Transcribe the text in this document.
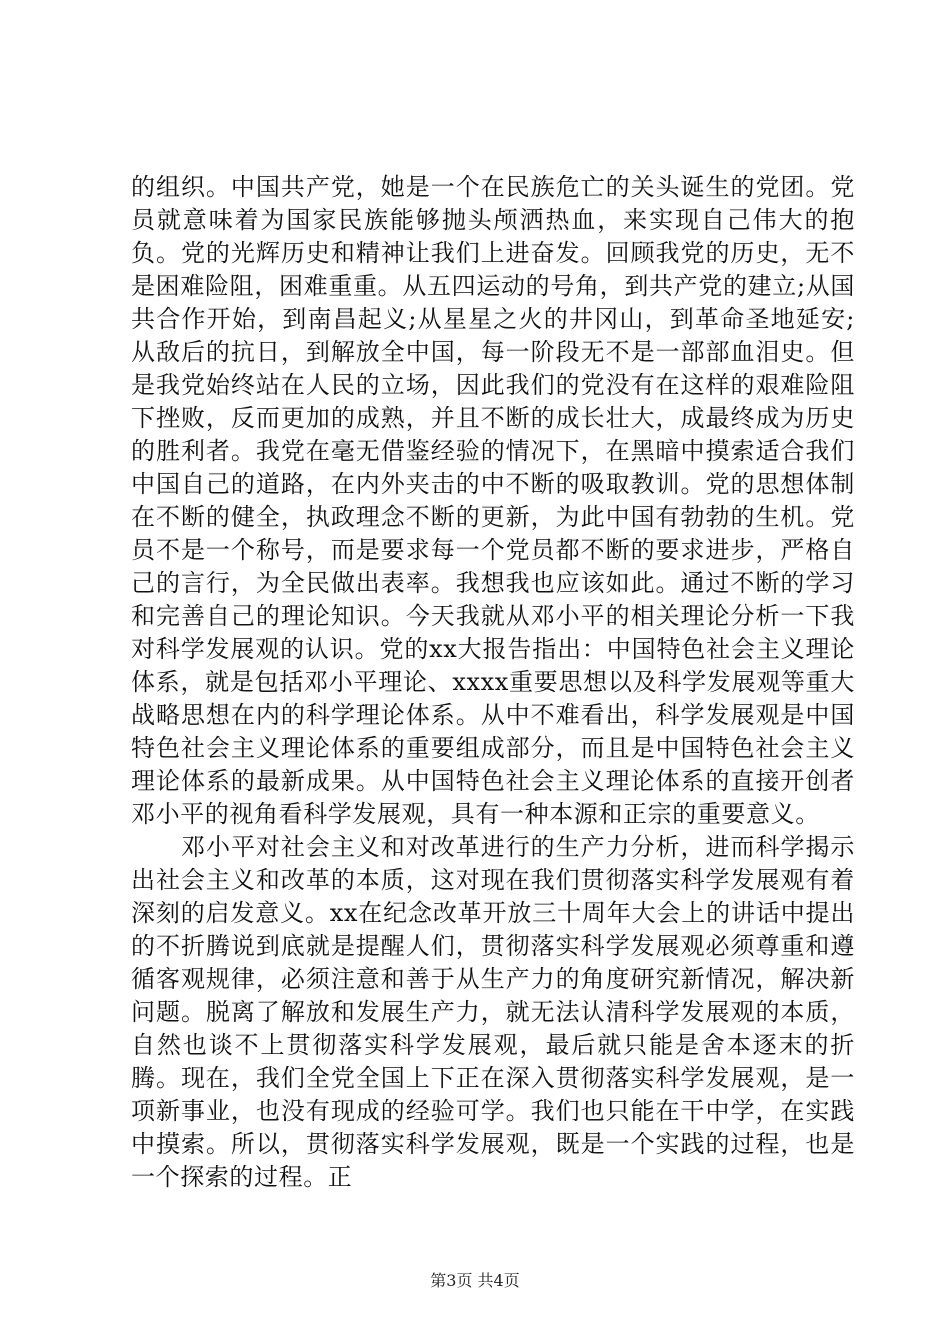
的组织。中国共产党，她是一个在民族危亡的关头诞生的党团。党员就意味着为国家民族能够抛头颅洒热血，来实现自己伟大的抱负。党的光辉历史和精神让我们上进奋发。回顾我党的历史，无不是困难险阻，困难重重。从五四运动的号角，到共产党的建立;从国共合作开始，到南昌起义;从星星之火的井冈山，到革命圣地延安;从敌后的抗日，到解放全中国，每一阶段无不是一部部血泪史。但是我党始终站在人民的立场，因此我们的党没有在这样的艰难险阻下挫败，反而更加的成熟，并且不断的成长壮大，成最终成为历史的胜利者。我党在毫无借鉴经验的情况下，在黑暗中摸索适合我们中国自己的道路，在内外夹击的中不断的吸取教训。党的思想体制在不断的健全，执政理念不断的更新，为此中国有勃勃的生机。党员不是一个称号，而是要求每一个党员都不断的要求进步，严格自己的言行，为全民做出表率。我想我也应该如此。通过不断的学习和完善自己的理论知识。今天我就从邓小平的相关理论分析一下我对科学发展观的认识。党的xx大报告指出：中国特色社会主义理论体系，就是包括邓小平理论、xxxx重要思想以及科学发展观等重大战略思想在内的科学理论体系。从中不难看出，科学发展观是中国特色社会主义理论体系的重要组成部分，而且是中国特色社会主义理论体系的最新成果。从中国特色社会主义理论体系的直接开创者邓小平的视角看科学发展观，具有一种本源和正宗的重要意义。

邓小平对社会主义和对改革进行的生产力分析，进而科学揭示出社会主义和改革的本质，这对现在我们贯彻落实科学发展观有着深刻的启发意义。xx在纪念改革开放三十周年大会上的讲话中提出的不折腾说到底就是提醒人们，贯彻落实科学发展观必须尊重和遵循客观规律，必须注意和善于从生产力的角度研究新情况，解决新问题。脱离了解放和发展生产力，就无法认清科学发展观的本质，自然也谈不上贯彻落实科学发展观，最后就只能是舍本逐末的折腾。现在，我们全党全国上下正在深入贯彻落实科学发展观，是一项新事业，也没有现成的经验可学。我们也只能在干中学，在实践中摸索。所以，贯彻落实科学发展观，既是一个实践的过程，也是一个探索的过程。正

第3页 共4页
